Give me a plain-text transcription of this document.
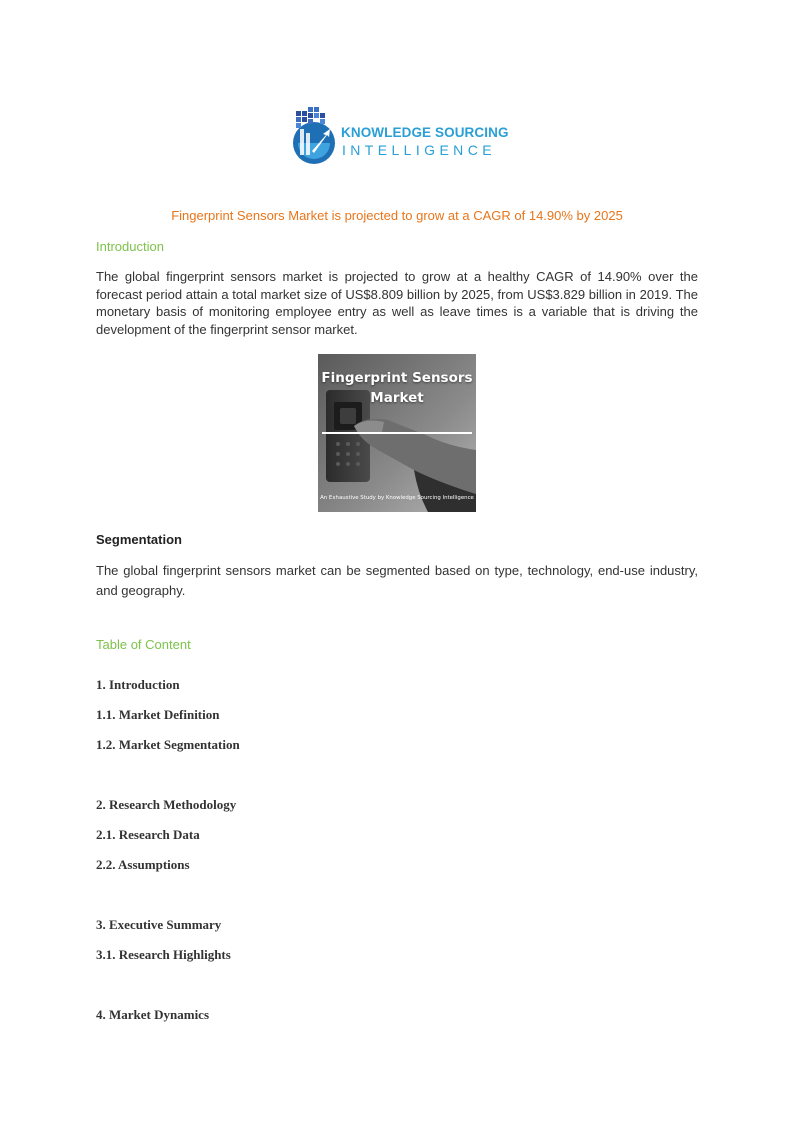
KNOWLEDGE SOURCING
INTELLIGENCE
Fingerprint Sensors Market is projected to grow at a CAGR of 14.90% by 2025
Introduction
The global fingerprint sensors market is projected to grow at a healthy CAGR of 14.90% over the forecast period attain a total market size of US$8.809 billion by 2025, from US$3.829 billion in 2019. The monetary basis of monitoring employee entry as well as leave times is a variable that is driving the development of the fingerprint sensor market.
Fingerprint Sensors
Market
An Exhaustive Study by Knowledge Sourcing Intelligence
Segmentation
The global fingerprint sensors market can be segmented based on type, technology, end-use industry, and geography.
Table of Content
1. Introduction
1.1. Market Definition
1.2. Market Segmentation
2. Research Methodology
2.1. Research Data
2.2. Assumptions
3. Executive Summary
3.1. Research Highlights
4. Market Dynamics
